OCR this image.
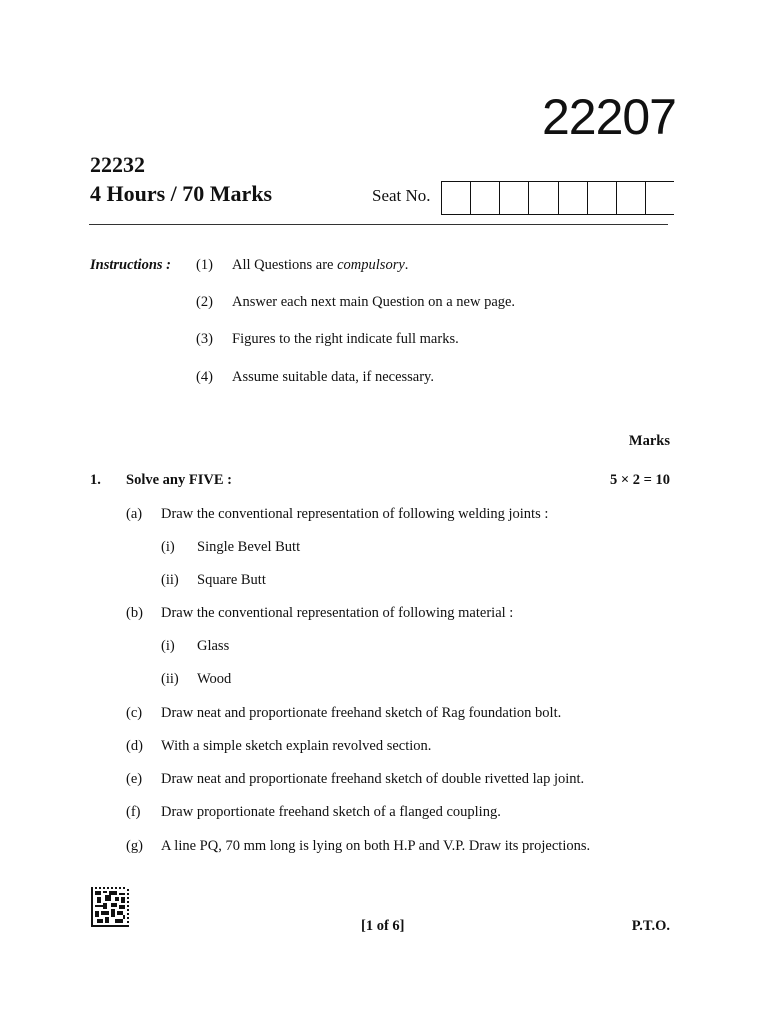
22207
22232
4 Hours / 70 Marks	Seat No.
Instructions : (1) All Questions are compulsory.
(2) Answer each next main Question on a new page.
(3) Figures to the right indicate full marks.
(4) Assume suitable data, if necessary.
Marks
1. Solve any FIVE :	5 × 2 = 10
(a) Draw the conventional representation of following welding joints :
(i) Single Bevel Butt
(ii) Square Butt
(b) Draw the conventional representation of following material :
(i) Glass
(ii) Wood
(c) Draw neat and proportionate freehand sketch of Rag foundation bolt.
(d) With a simple sketch explain revolved section.
(e) Draw neat and proportionate freehand sketch of double rivetted lap joint.
(f) Draw proportionate freehand sketch of a flanged coupling.
(g) A line PQ, 70 mm long is lying on both H.P and V.P. Draw its projections.
[1 of 6]	P.T.O.
